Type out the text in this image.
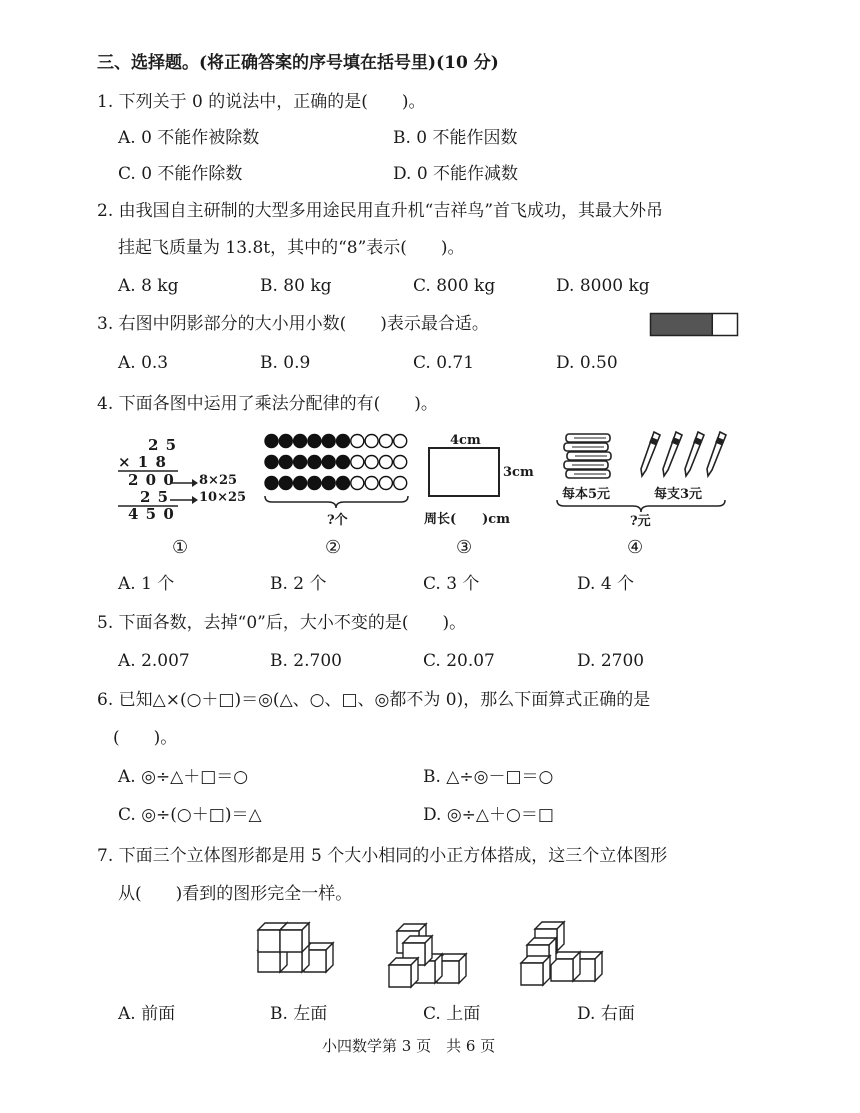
三、选择题。(将正确答案的序号填在括号里)(10 分)
1. 下列关于 0 的说法中，正确的是(　　)。
A. 0 不能作被除数	B. 0 不能作因数
C. 0 不能作除数	D. 0 不能作减数
2. 由我国自主研制的大型多用途民用直升机“吉祥鸟”首飞成功，其最大外吊
挂起飞质量为 13.8t，其中的“8”表示(　　)。
A. 8 kg	B. 80 kg	C. 800 kg	D. 8000 kg
3. 右图中阴影部分的大小用小数(　　)表示最合适。
A. 0.3	B. 0.9	C. 0.71	D. 0.50
4. 下面各图中运用了乘法分配律的有(　　)。
2 5
× 1 8
2 0 0 8×25
2 5 10×25
4 5 0
①
?个
②
4cm
3cm
周长(　　)cm
③
每本5元	每支3元
?元
④
A. 1 个	B. 2 个	C. 3 个	D. 4 个
5. 下面各数，去掉“0”后，大小不变的是(　　)。
A. 2.007	B. 2.700	C. 20.07	D. 2700
6. 已知△×(○＋□)＝◎(△、○、□、◎都不为 0)，那么下面算式正确的是
(　　)。
A. ◎÷△＋□＝○	B. △÷◎－□＝○
C. ◎÷(○＋□)＝△	D. ◎÷△＋○＝□
7. 下面三个立体图形都是用 5 个大小相同的小正方体搭成，这三个立体图形
从(　　)看到的图形完全一样。
A. 前面	B. 左面	C. 上面	D. 右面
小四数学第 3 页　共 6 页
